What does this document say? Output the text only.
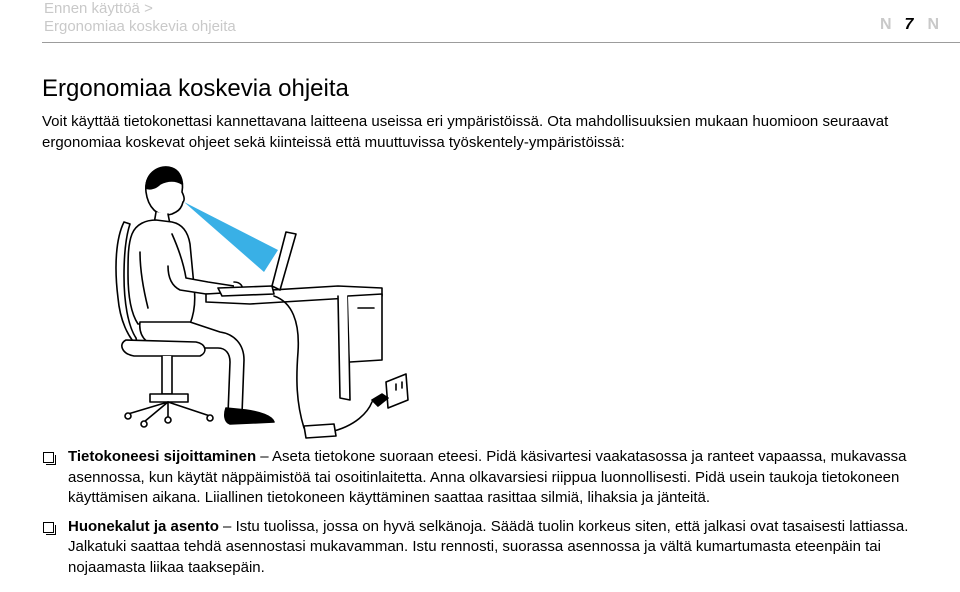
Ennen käyttöä >
Ergonomiaa koskevia ohjeita	N 7 N
Ergonomiaa koskevia ohjeita

Voit käyttää tietokonettasi kannettavana laitteena useissa eri ympäristöissä. Ota mahdollisuuksien mukaan huomioon seuraavat ergonomiaa koskevat ohjeet sekä kiinteissä että muuttuvissa työskentely-ympäristöissä:

Tietokoneesi sijoittaminen – Aseta tietokone suoraan eteesi. Pidä käsivartesi vaakatasossa ja ranteet vapaassa, mukavassa asennossa, kun käytät näppäimistöä tai osoitinlaitetta. Anna olkavarsiesi riippua luonnollisesti. Pidä usein taukoja tietokoneen käyttämisen aikana. Liiallinen tietokoneen käyttäminen saattaa rasittaa silmiä, lihaksia ja jänteitä.
Huonekalut ja asento – Istu tuolissa, jossa on hyvä selkänoja. Säädä tuolin korkeus siten, että jalkasi ovat tasaisesti lattiassa. Jalkatuki saattaa tehdä asennostasi mukavamman. Istu rennosti, suorassa asennossa ja vältä kumartumasta eteenpäin tai nojaamasta liikaa taaksepäin.
